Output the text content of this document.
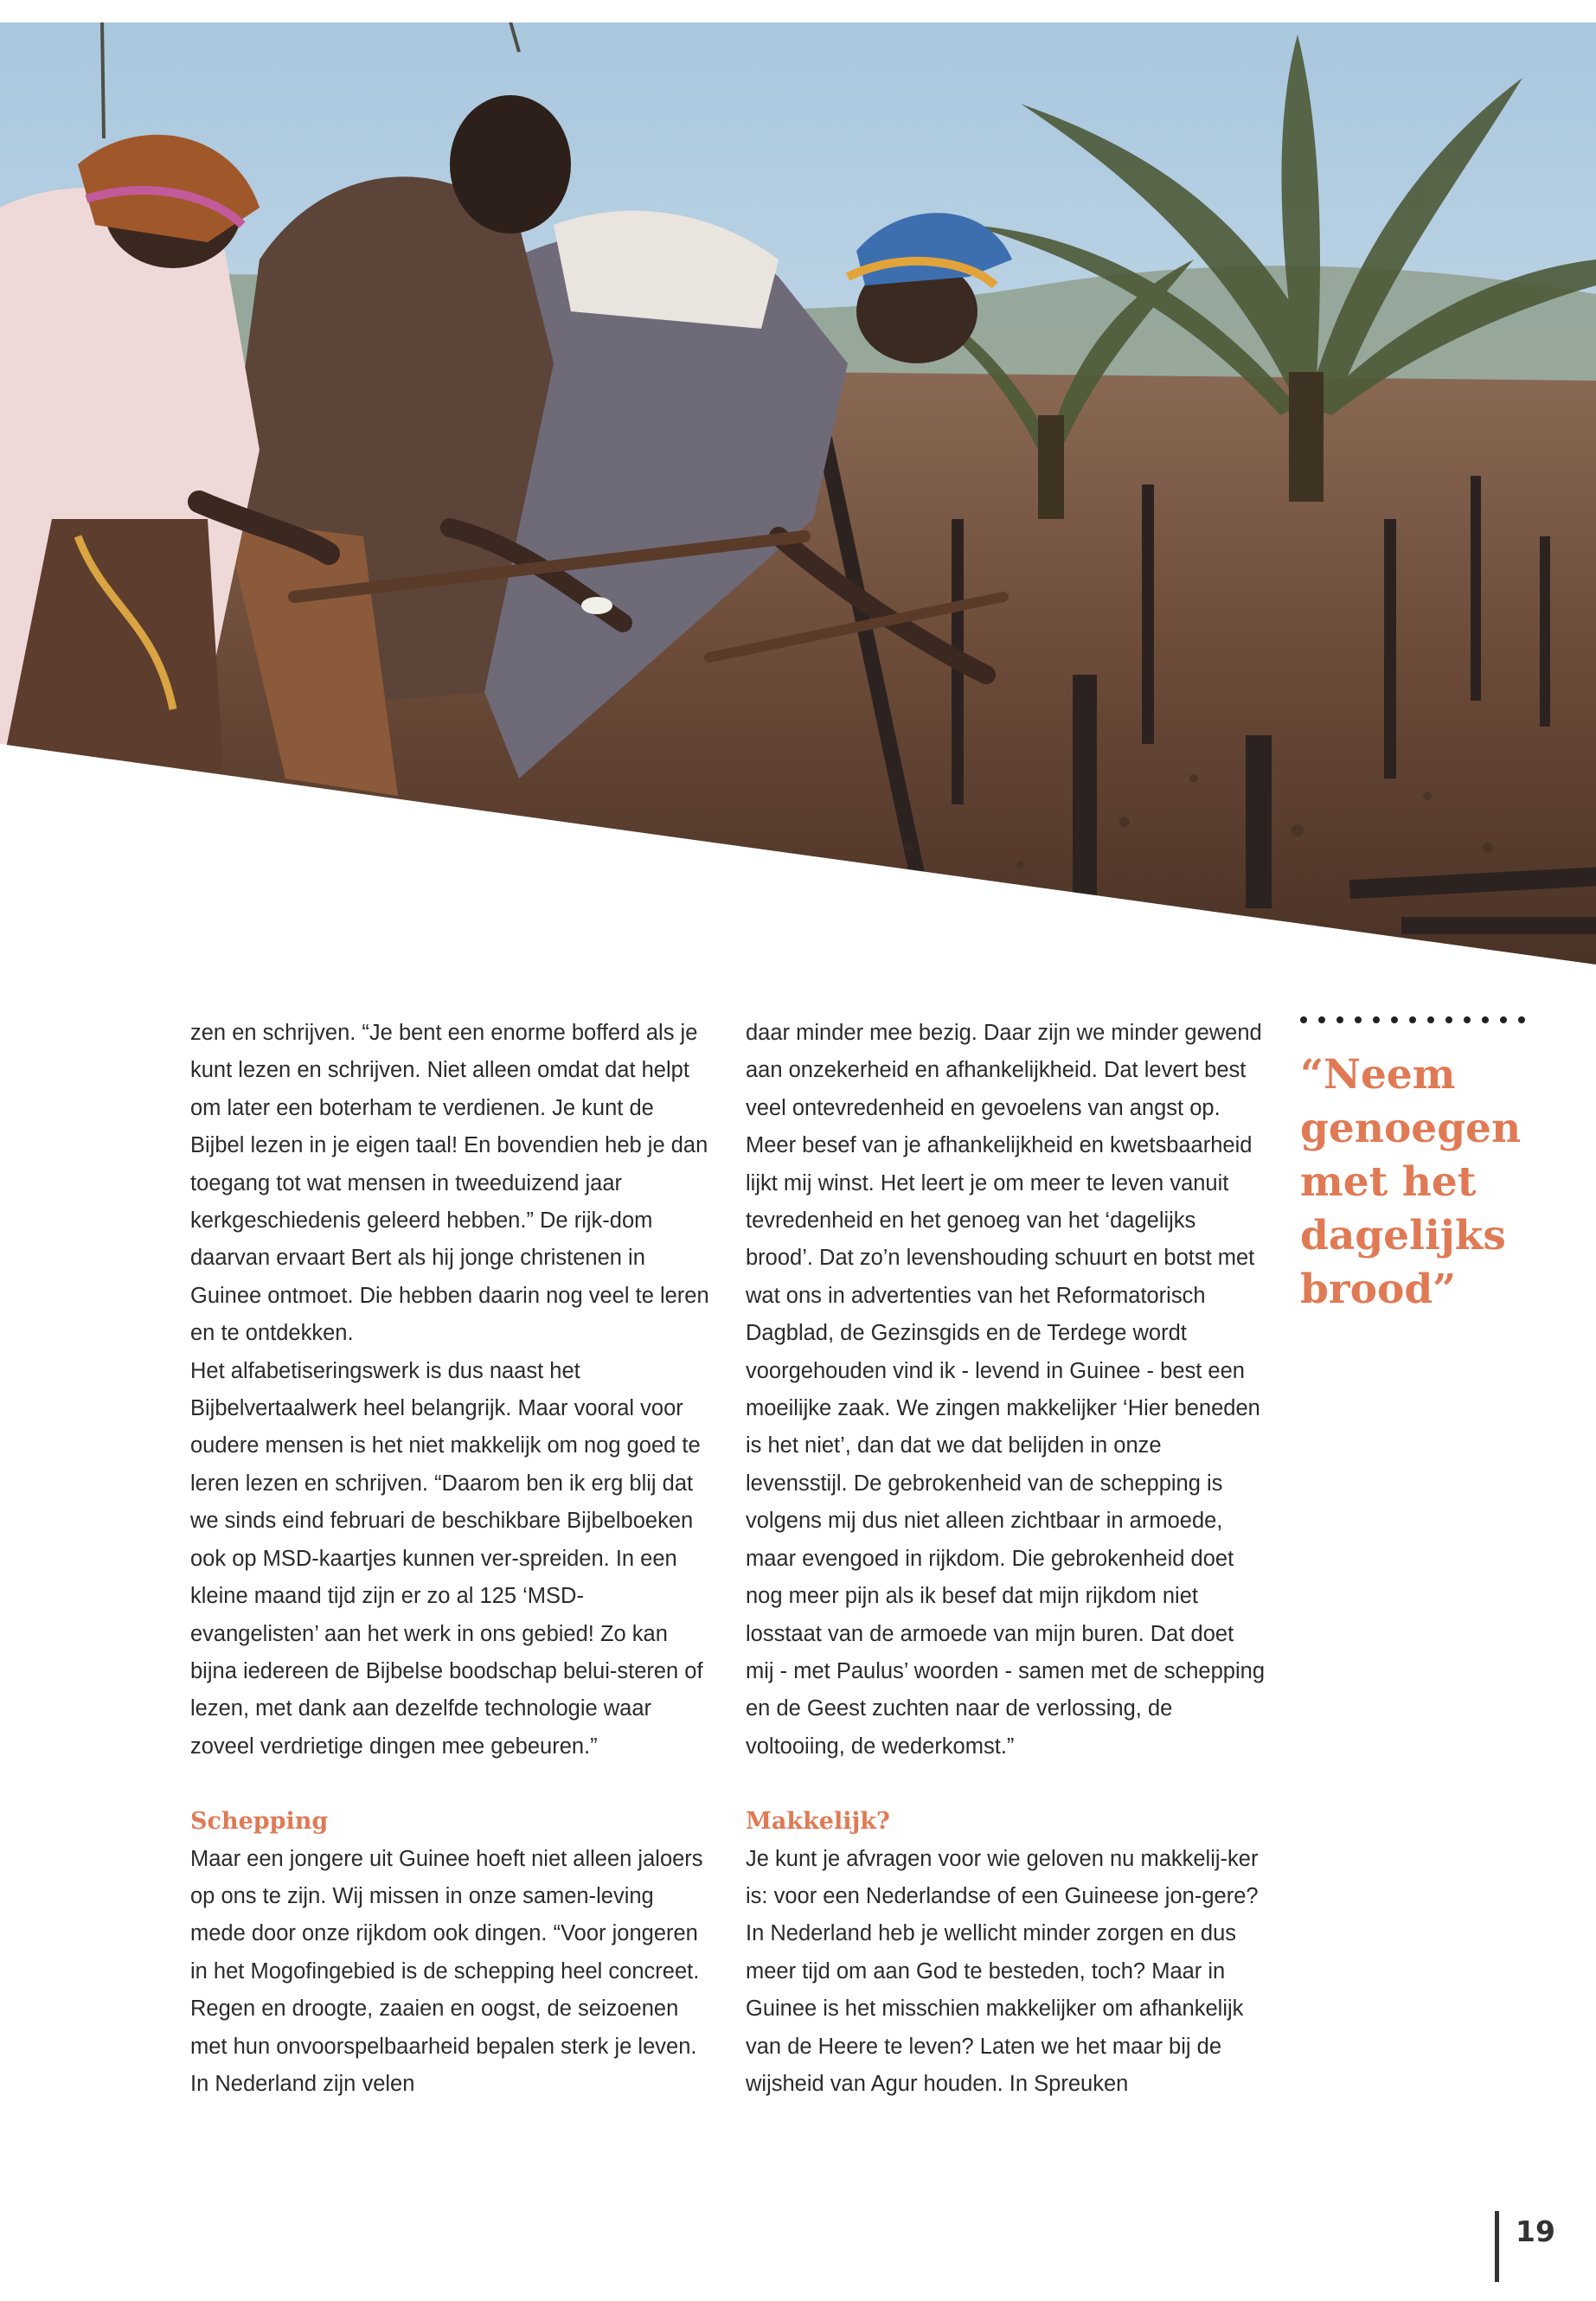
zen en schrijven. “Je bent een enorme bofferd als je kunt lezen en schrijven. Niet alleen omdat dat helpt om later een boterham te verdienen. Je kunt de Bijbel lezen in je eigen taal! En bovendien heb je dan toegang tot wat mensen in tweeduizend jaar kerkgeschiedenis geleerd hebben.” De rijk-dom daarvan ervaart Bert als hij jonge christenen in Guinee ontmoet. Die hebben daarin nog veel te leren en te ontdekken.

Het alfabetiseringswerk is dus naast het Bijbelvertaalwerk heel belangrijk. Maar vooral voor oudere mensen is het niet makkelijk om nog goed te leren lezen en schrijven. “Daarom ben ik erg blij dat we sinds eind februari de beschikbare Bijbelboeken ook op MSD-kaartjes kunnen ver-spreiden. In een kleine maand tijd zijn er zo al 125 ‘MSD-evangelisten’ aan het werk in ons gebied! Zo kan bijna iedereen de Bijbelse boodschap belui-steren of lezen, met dank aan dezelfde technologie waar zoveel verdrietige dingen mee gebeuren.”

Schepping

Maar een jongere uit Guinee hoeft niet alleen jaloers op ons te zijn. Wij missen in onze samen-leving mede door onze rijkdom ook dingen. “Voor jongeren in het Mogofingebied is de schepping heel concreet. Regen en droogte, zaaien en oogst, de seizoenen met hun onvoorspelbaarheid bepalen sterk je leven. In Nederland zijn velen

daar minder mee bezig. Daar zijn we minder gewend aan onzekerheid en afhankelijkheid. Dat levert best veel ontevredenheid en gevoelens van angst op. Meer besef van je afhankelijkheid en kwetsbaarheid lijkt mij winst. Het leert je om meer te leven vanuit tevredenheid en het genoeg van het ‘dagelijks brood’. Dat zo’n levenshouding schuurt en botst met wat ons in advertenties van het Reformatorisch Dagblad, de Gezinsgids en de Terdege wordt voorgehouden vind ik - levend in Guinee - best een moeilijke zaak. We zingen makkelijker ‘Hier beneden is het niet’, dan dat we dat belijden in onze levensstijl. De gebrokenheid van de schepping is volgens mij dus niet alleen zichtbaar in armoede, maar evengoed in rijkdom. Die gebrokenheid doet nog meer pijn als ik besef dat mijn rijkdom niet losstaat van de armoede van mijn buren. Dat doet mij - met Paulus’ woorden - samen met de schepping en de Geest zuchten naar de verlossing, de voltooiing, de wederkomst.”

Makkelijk?

Je kunt je afvragen voor wie geloven nu makkelij-ker is: voor een Nederlandse of een Guineese jon-gere? In Nederland heb je wellicht minder zorgen en dus meer tijd om aan God te besteden, toch? Maar in Guinee is het misschien makkelijker om afhankelijk van de Heere te leven? Laten we het maar bij de wijsheid van Agur houden. In Spreuken

“Neem
genoegen
met het
dagelijks
brood”
19
